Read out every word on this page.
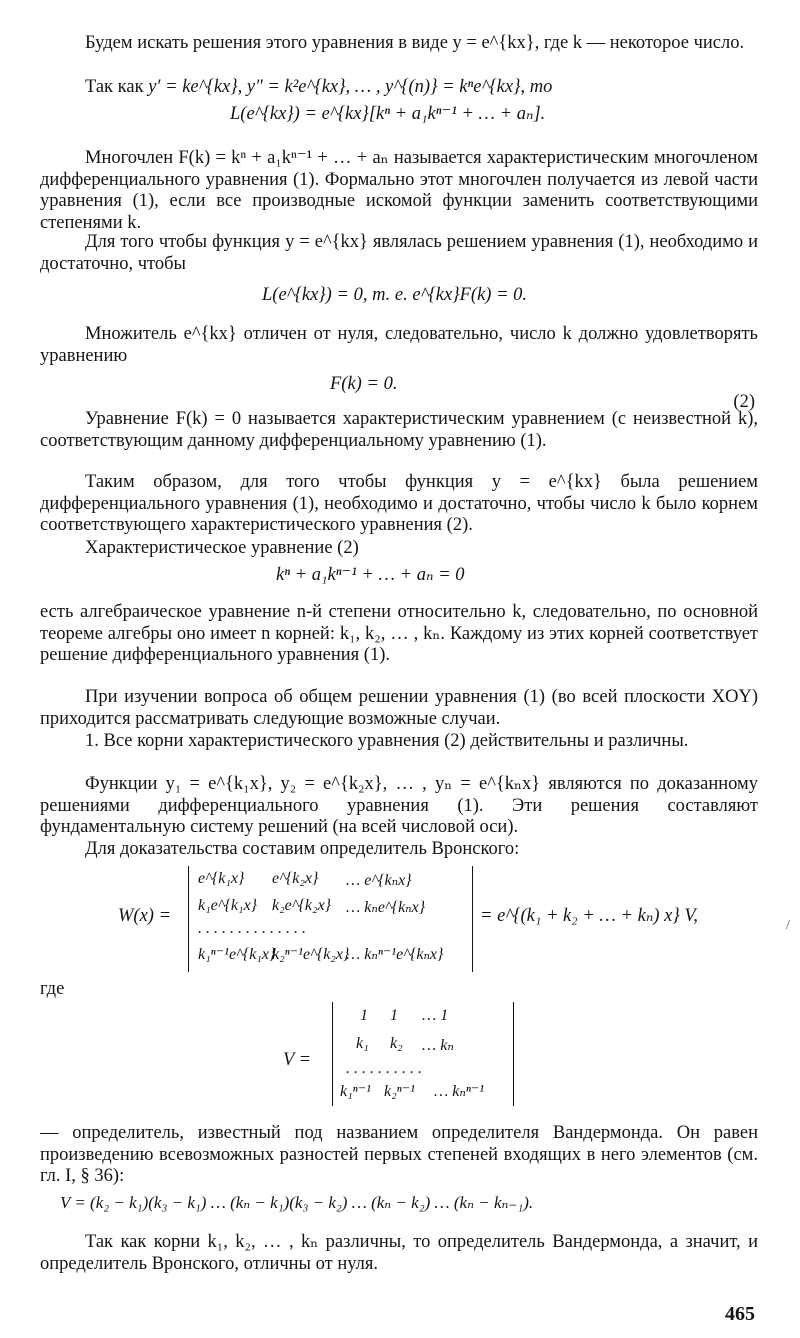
Будем искать решения этого уравнения в виде y = e^{kx}, где k — некоторое число.

Так как y′ = ke^{kx}, y″ = k²e^{kx}, … , y^{(n)} = kⁿe^{kx}, то

L(e^{kx}) = e^{kx}[kⁿ + a₁kⁿ⁻¹ + … + aₙ].

Многочлен F(k) = kⁿ + a₁kⁿ⁻¹ + … + aₙ называется характеристическим многочленом дифференциального уравнения (1). Формально этот многочлен получается из левой части уравнения (1), если все производные искомой функции заменить соответствующими степенями k.

Для того чтобы функция y = e^{kx} являлась решением уравнения (1), необходимо и достаточно, чтобы

L(e^{kx}) = 0, т. е. e^{kx}F(k) = 0.

Множитель e^{kx} отличен от нуля, следовательно, число k должно удовлетворять уравнению

F(k) = 0.

(2)

Уравнение F(k) = 0 называется характеристическим уравнением (с неизвестной k), соответствующим данному дифференциальному уравнению (1).

Таким образом, для того чтобы функция y = e^{kx} была решением дифференциального уравнения (1), необходимо и достаточно, чтобы число k было корнем соответствующего характеристического уравнения (2).

Характеристическое уравнение (2)

kⁿ + a₁kⁿ⁻¹ + … + aₙ = 0

есть алгебраическое уравнение n-й степени относительно k, следовательно, по основной теореме алгебры оно имеет n корней: k₁, k₂, … , kₙ. Каждому из этих корней соответствует решение дифференциального уравнения (1).

При изучении вопроса об общем решении уравнения (1) (во всей плоскости XOY) приходится рассматривать следующие возможные случаи.

1. Все корни характеристического уравнения (2) действительны и различны.

Функции y₁ = e^{k₁x}, y₂ = e^{k₂x}, … , yₙ = e^{kₙx} являются по доказанному решениями дифференциального уравнения (1). Эти решения составляют фундаментальную систему решений (на всей числовой оси).

Для доказательства составим определитель Вронского:

W(x) =

e^{k₁x} e^{k₂x} … e^{kₙx}
k₁e^{k₁x} k₂e^{k₂x} … kₙe^{kₙx}
. . . . . . . . . . . . . .
k₁ⁿ⁻¹e^{k₁x}
k₂ⁿ⁻¹e^{k₂x}
… kₙⁿ⁻¹e^{kₙx}

= e^{(k₁ + k₂ + … + kₙ) x} V,	/

где

V =

1 1 … 1
k₁ k₂ … kₙ
. . . . . . . . . .
k₁ⁿ⁻¹ k₂ⁿ⁻¹ … kₙⁿ⁻¹

— определитель, известный под названием определителя Вандермонда. Он равен произведению всевозможных разностей первых степеней входящих в него элементов (см. гл. I, § 36):

V = (k₂ − k₁)(k₃ − k₁) … (kₙ − k₁)(k₃ − k₂) … (kₙ − k₂) … (kₙ − kₙ₋₁).

Так как корни k₁, k₂, … , kₙ различны, то определитель Вандермонда, а значит, и определитель Вронского, отличны от нуля.

465
